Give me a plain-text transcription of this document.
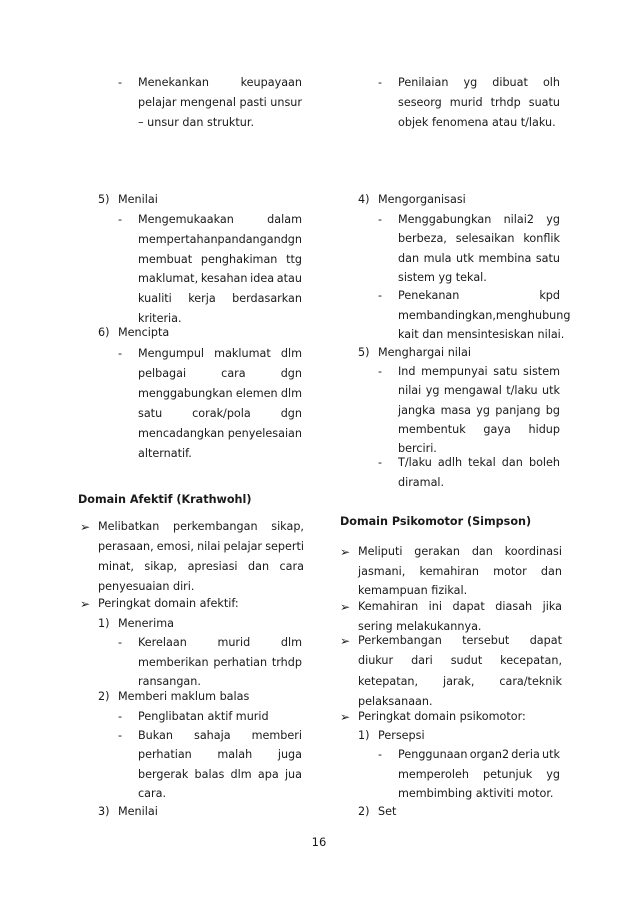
- Menekankan	keupayaan
pelajar mengenal pasti unsur
– unsur dan struktur.
5) Menilai
- Mengemukaakan	dalam
mempertahan pandangan dgn
membuat penghakiman ttg
maklumat, kesahan idea atau
kualiti kerja berdasarkan
kriteria.
6) Mencipta
- Mengumpul maklumat dlm
pelbagai	cara	dgn
menggabungkan elemen dlm
satu	corak/pola	dgn
mencadangkan penyelesaian
alternatif.
Domain Afektif (Krathwohl)
➢ Melibatkan perkembangan sikap,
perasaan, emosi, nilai pelajar seperti
minat, sikap, apresiasi dan cara
penyesuaian diri.
➢ Peringkat domain afektif:
1) Menerima
- Kerelaan	murid	dlm
memberikan perhatian trhdp
ransangan.
2) Memberi maklum balas
- Penglibatan aktif murid
- Bukan sahaja memberi
perhatian malah juga
bergerak balas dlm apa jua
cara.
3) Menilai
- Penilaian yg dibuat olh
seseorg murid trhdp suatu
objek fenomena atau t/laku.
4) Mengorganisasi
- Menggabungkan nilai2 yg
berbeza, selesaikan konflik
dan mula utk membina satu
sistem yg tekal.
- Penekanan	kpd
membandingkan, menghubung
kait dan mensintesiskan nilai.
5) Menghargai nilai
- Ind mempunyai satu sistem
nilai yg mengawal t/laku utk
jangka masa yg panjang bg
membentuk gaya hidup
berciri.
- T/laku adlh tekal dan boleh
diramal.
Domain Psikomotor (Simpson)
➢ Meliputi gerakan dan koordinasi
jasmani, kemahiran motor dan
kemampuan fizikal.
➢ Kemahiran ini dapat diasah jika
sering melakukannya.
➢ Perkembangan tersebut dapat
diukur dari sudut kecepatan,
ketepatan, jarak, cara/teknik
pelaksanaan.
➢ Peringkat domain psikomotor:
1) Persepsi
- Penggunaan organ2 deria utk
memperoleh petunjuk yg
membimbing aktiviti motor.
2) Set
16
